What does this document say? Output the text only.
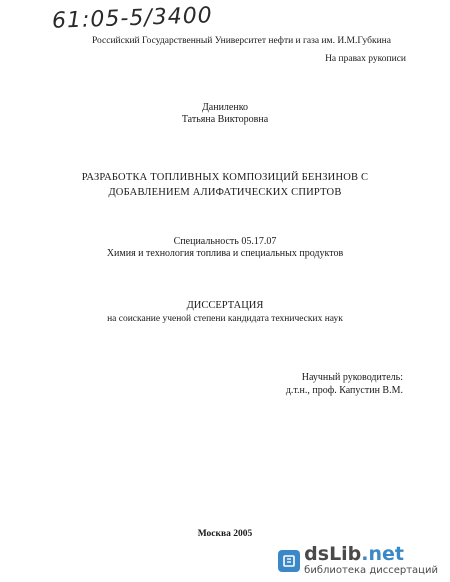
61:05-5/3400
Российский Государственный Университет нефти и газа им. И.М.Губкина
На правах рукописи
Даниленко
Татьяна Викторовна
РАЗРАБОТКА ТОПЛИВНЫХ КОМПОЗИЦИЙ БЕНЗИНОВ С
ДОБАВЛЕНИЕМ АЛИФАТИЧЕСКИХ СПИРТОВ
Специальность 05.17.07
Химия и технология топлива и специальных продуктов
ДИССЕРТАЦИЯ
на соискание ученой степени кандидата технических наук
Научный руководитель:
д.т.н., проф. Капустин В.М.
Москва 2005
dsLib.net
библиотека диссертаций
